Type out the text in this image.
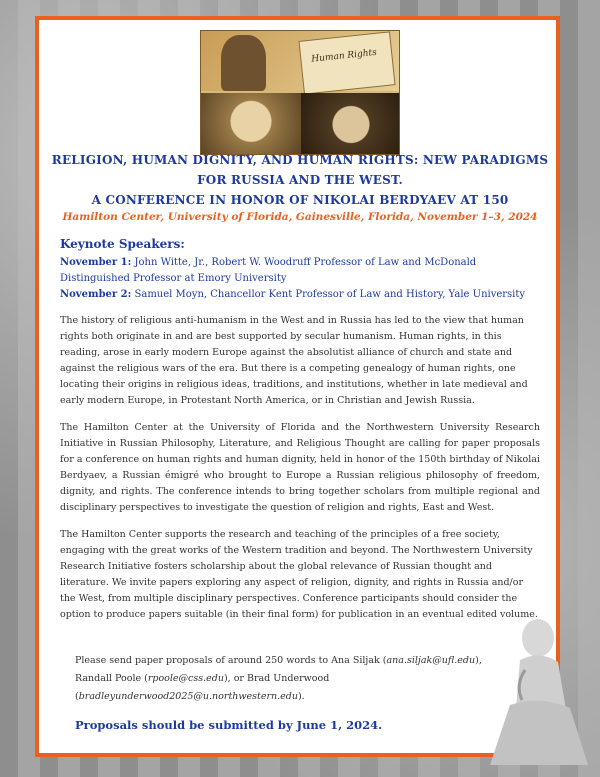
Human Rights
RELIGION, HUMAN DIGNITY, AND HUMAN RIGHTS: NEW PARADIGMS
FOR RUSSIA AND THE WEST.
A CONFERENCE IN HONOR OF NIKOLAI BERDYAEV AT 150
Hamilton Center, University of Florida, Gainesville, Florida, November 1–3, 2024
Keynote Speakers:
November 1: John Witte, Jr., Robert W. Woodruff Professor of Law and McDonald Distinguished Professor at Emory University
November 2: Samuel Moyn, Chancellor Kent Professor of Law and History, Yale University

The history of religious anti-humanism in the West and in Russia has led to the view that human rights both originate in and are best supported by secular humanism. Human rights, in this reading, arose in early modern Europe against the absolutist alliance of church and state and against the religious wars of the era. But there is a competing genealogy of human rights, one locating their origins in religious ideas, traditions, and institutions, whether in late medieval and early modern Europe, in Protestant North America, or in Christian and Jewish Russia.

The Hamilton Center at the University of Florida and the Northwestern University Research Initiative in Russian Philosophy, Literature, and Religious Thought are calling for paper proposals for a conference on human rights and human dignity, held in honor of the 150th birthday of Nikolai Berdyaev, a Russian émigré who brought to Europe a Russian religious philosophy of freedom, dignity, and rights. The conference intends to bring together scholars from multiple regional and disciplinary perspectives to investigate the question of religion and rights, East and West.

The Hamilton Center supports the research and teaching of the principles of a free society, engaging with the great works of the Western tradition and beyond. The Northwestern University Research Initiative fosters scholarship about the global relevance of Russian thought and literature. We invite papers exploring any aspect of religion, dignity, and rights in Russia and/or the West, from multiple disciplinary perspectives. Conference participants should consider the option to produce papers suitable (in their final form) for publication in an eventual edited volume.

Please send paper proposals of around 250 words to Ana Siljak (ana.siljak@ufl.edu), Randall Poole (rpoole@css.edu), or Brad Underwood (bradleyunderwood2025@u.northwestern.edu).
Proposals should be submitted by June 1, 2024.
